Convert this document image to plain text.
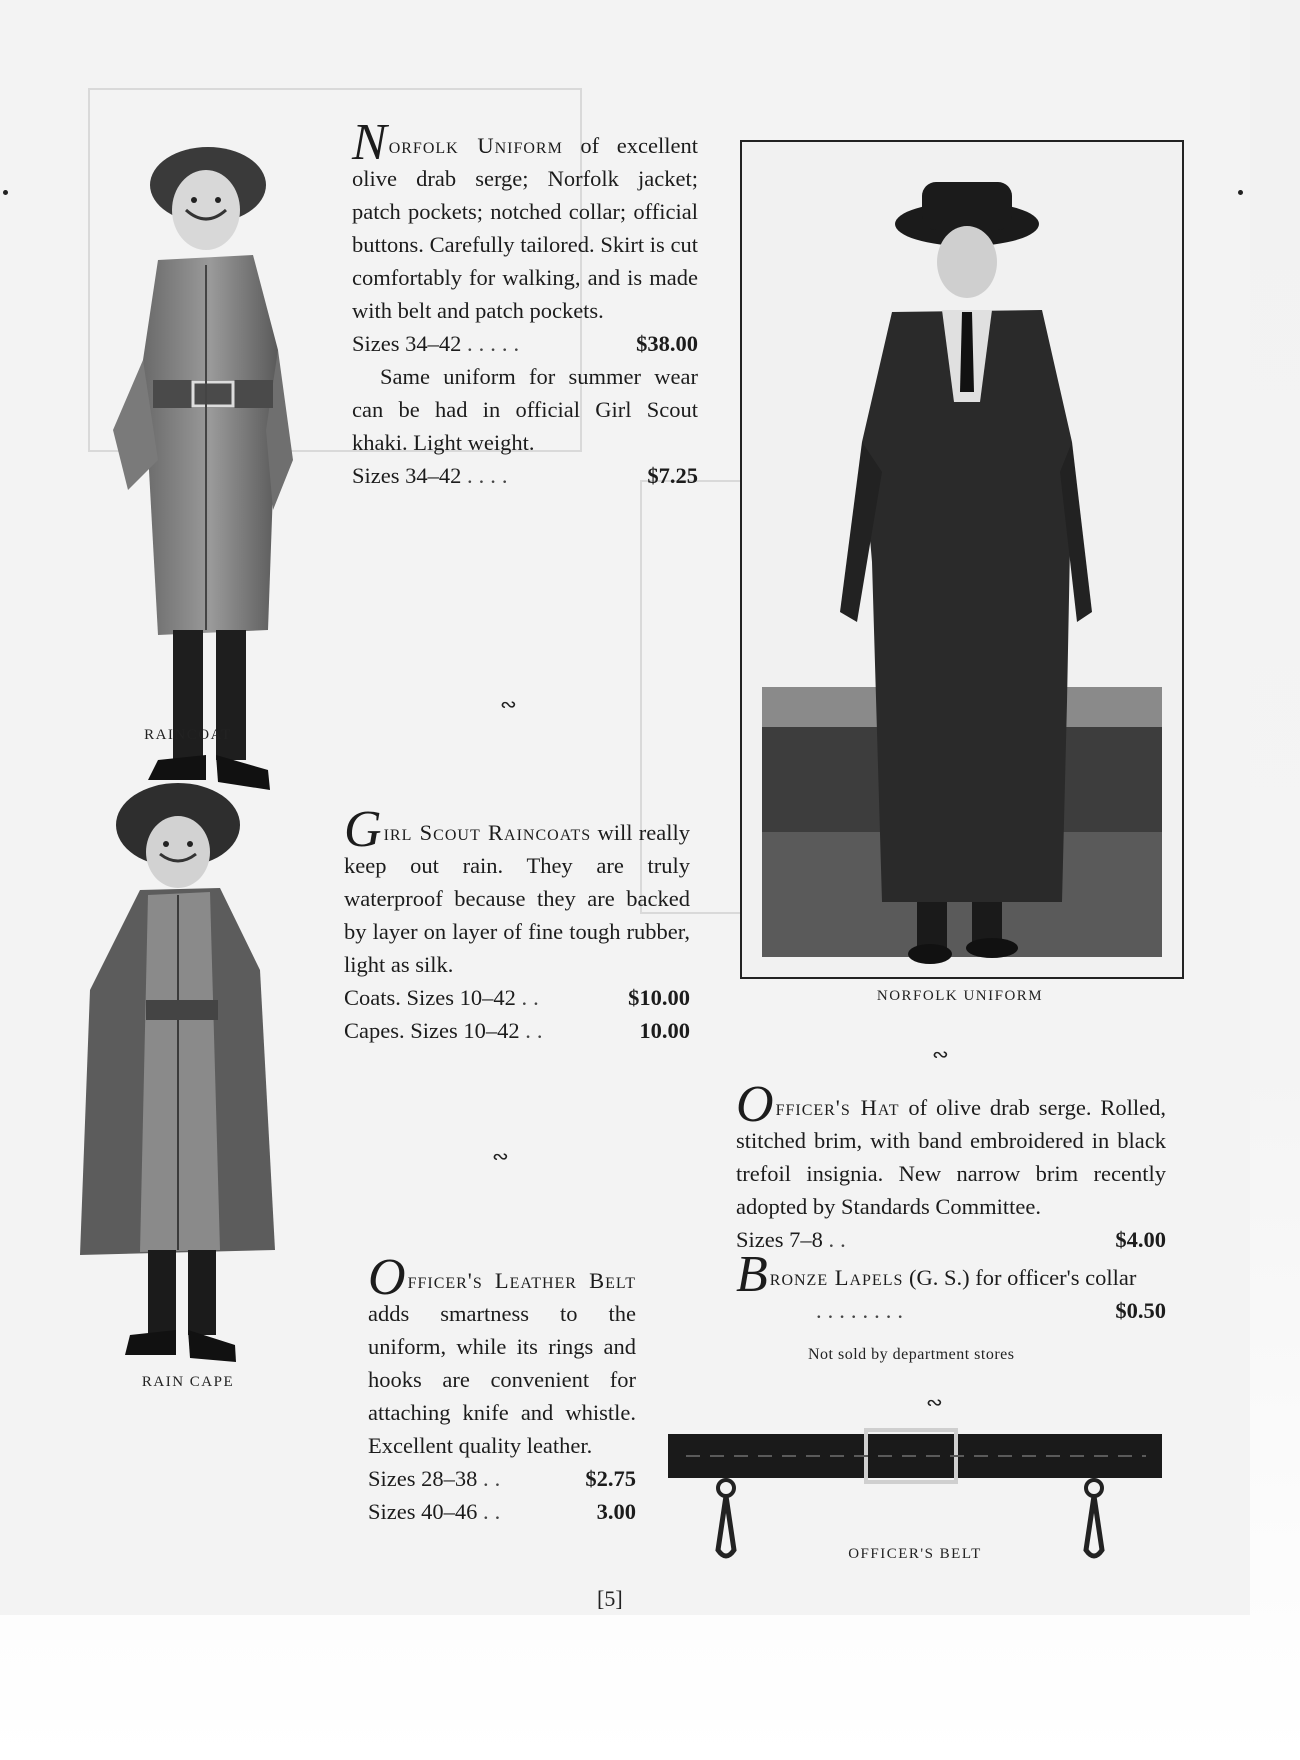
RAINCOAT
RAIN CAPE
NORFOLK UNIFORM
OFFICER'S BELT

Norfolk Uniform of excellent olive drab serge; Norfolk jacket; patch pockets; notched collar; official buttons. Carefully tailored. Skirt is cut comfortably for walking, and is made with belt and patch pockets.

Sizes 34–42 .....	$38.00

Same uniform for summer wear can be had in official Girl Scout khaki. Light weight.

Sizes 34–42 ....	$7.25
∾

Girl Scout Raincoats will really keep out rain. They are truly waterproof because they are backed by layer on layer of fine tough rubber, light as silk.

Coats. Sizes 10–42 ..	$10.00
Capes. Sizes 10–42 ..	10.00
∾

Officer's Leather Belt adds smartness to the uniform, while its rings and hooks are convenient for attaching knife and whistle. Excellent quality leather.

Sizes 28–38 ..	$2.75
Sizes 40–46 ..	3.00
∾

Officer's Hat of olive drab serge. Rolled, stitched brim, with band embroidered in black trefoil insignia. New narrow brim recently adopted by Standards Committee.

Sizes 7–8 ..	$4.00

Bronze Lapels (G. S.) for officer's collar

........	$0.50
Not sold by department stores
∾
[5]
